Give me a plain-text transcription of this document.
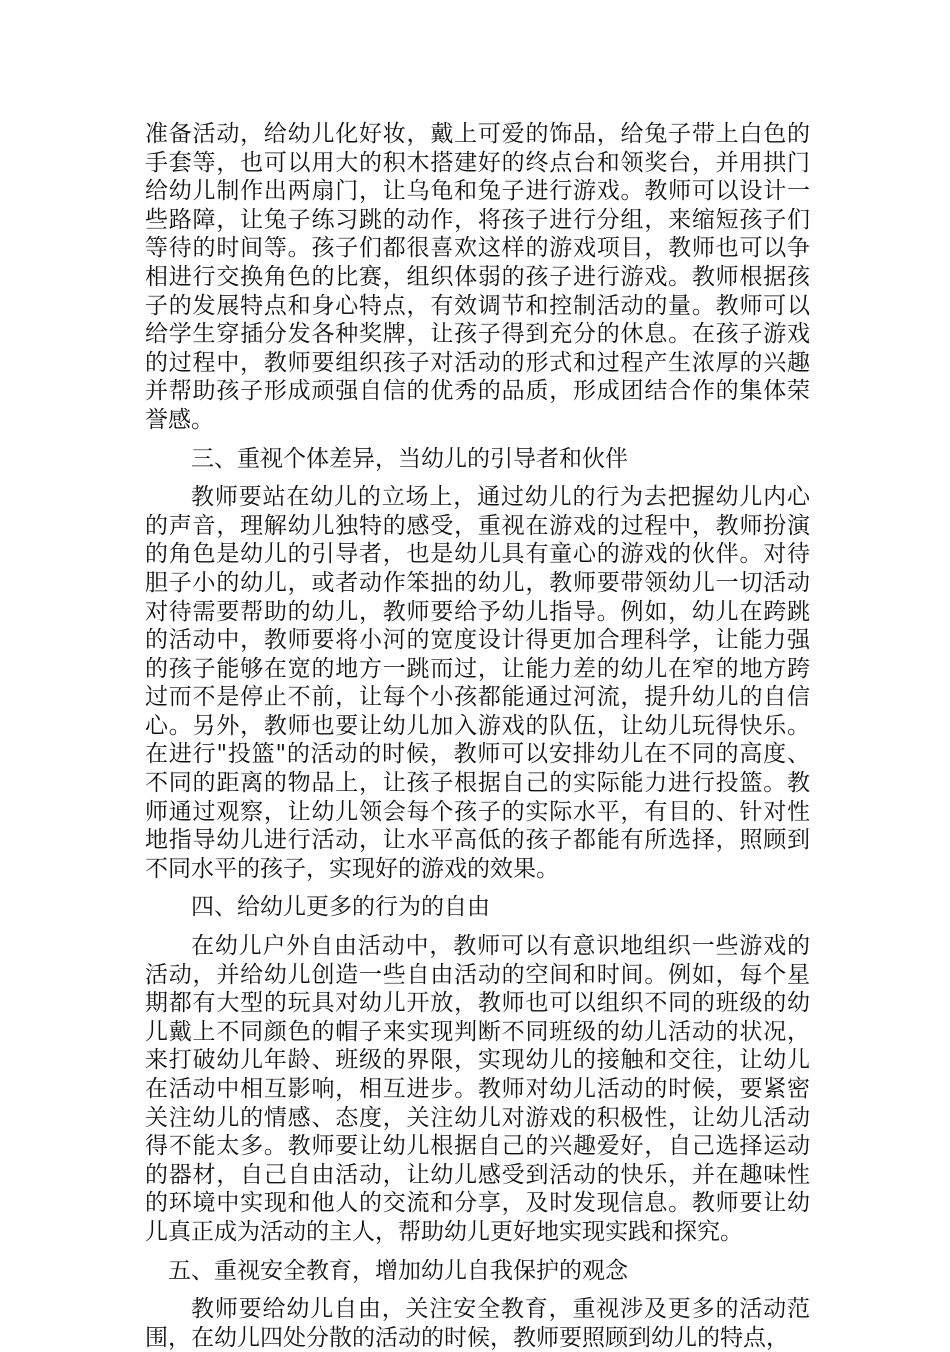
准备活动，给幼儿化好妆，戴上可爱的饰品，给兔子带上白色的手套等，也可以用大的积木搭建好的终点台和领奖台，并用拱门给幼儿制作出两扇门，让乌龟和兔子进行游戏。教师可以设计一些路障，让兔子练习跳的动作，将孩子进行分组，来缩短孩子们等待的时间等。孩子们都很喜欢这样的游戏项目，教师也可以争相进行交换角色的比赛，组织体弱的孩子进行游戏。教师根据孩子的发展特点和身心特点，有效调节和控制活动的量。教师可以给学生穿插分发各种奖牌，让孩子得到充分的休息。在孩子游戏的过程中，教师要组织孩子对活动的形式和过程产生浓厚的兴趣并帮助孩子形成顽强自信的优秀的品质，形成团结合作的集体荣誉感。

三、重视个体差异，当幼儿的引导者和伙伴

教师要站在幼儿的立场上，通过幼儿的行为去把握幼儿内心的声音，理解幼儿独特的感受，重视在游戏的过程中，教师扮演的角色是幼儿的引导者，也是幼儿具有童心的游戏的伙伴。对待胆子小的幼儿，或者动作笨拙的幼儿，教师要带领幼儿一切活动对待需要帮助的幼儿，教师要给予幼儿指导。例如，幼儿在跨跳的活动中，教师要将小河的宽度设计得更加合理科学，让能力强的孩子能够在宽的地方一跳而过，让能力差的幼儿在窄的地方跨过而不是停止不前，让每个小孩都能通过河流，提升幼儿的自信心。另外，教师也要让幼儿加入游戏的队伍，让幼儿玩得快乐。在进行"投篮"的活动的时候，教师可以安排幼儿在不同的高度、不同的距离的物品上，让孩子根据自己的实际能力进行投篮。教师通过观察，让幼儿领会每个孩子的实际水平，有目的、针对性地指导幼儿进行活动，让水平高低的孩子都能有所选择，照顾到不同水平的孩子，实现好的游戏的效果。

四、给幼儿更多的行为的自由

在幼儿户外自由活动中，教师可以有意识地组织一些游戏的活动，并给幼儿创造一些自由活动的空间和时间。例如，每个星期都有大型的玩具对幼儿开放，教师也可以组织不同的班级的幼儿戴上不同颜色的帽子来实现判断不同班级的幼儿活动的状况，来打破幼儿年龄、班级的界限，实现幼儿的接触和交往，让幼儿在活动中相互影响，相互进步。教师对幼儿活动的时候，要紧密关注幼儿的情感、态度，关注幼儿对游戏的积极性，让幼儿活动得不能太多。教师要让幼儿根据自己的兴趣爱好，自己选择运动的器材，自己自由活动，让幼儿感受到活动的快乐，并在趣味性的环境中实现和他人的交流和分享，及时发现信息。教师要让幼儿真正成为活动的主人，帮助幼儿更好地实现实践和探究。

五、重视安全教育，增加幼儿自我保护的观念

教师要给幼儿自由，关注安全教育，重视涉及更多的活动范围，在幼儿四处分散的活动的时候，教师要照顾到幼儿的特点，
